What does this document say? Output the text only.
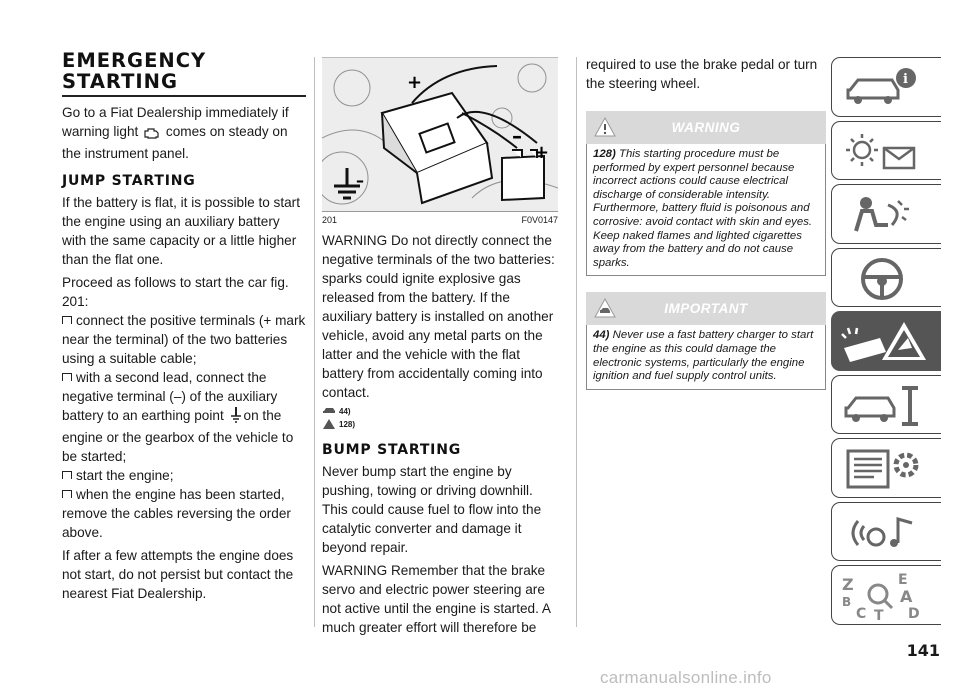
EMERGENCY STARTING

Go to a Fiat Dealership immediately if warning light comes on steady on the instrument panel.

JUMP STARTING

If the battery is flat, it is possible to start the engine using an auxiliary battery with the same capacity or a little higher than the flat one.

Proceed as follows to start the car fig. 201:

connect the positive terminals (+ mark near the terminal) of the two batteries using a suitable cable;

with a second lead, connect the negative terminal (–) of the auxiliary battery to an earthing point on the engine or the gearbox of the vehicle to be started;

start the engine;

when the engine has been started, remove the cables reversing the order above.

If after a few attempts the engine does not start, do not persist but contact the nearest Fiat Dealership.

+
–
+
–
201	F0V0147

WARNING Do not directly connect the negative terminals of the two batteries: sparks could ignite explosive gas released from the battery. If the auxiliary battery is installed on another vehicle, avoid any metal parts on the latter and the vehicle with the flat battery from accidentally coming into contact.

44)
128)
BUMP STARTING

Never bump start the engine by pushing, towing or driving downhill. This could cause fuel to flow into the catalytic converter and damage it beyond repair.

WARNING Remember that the brake servo and electric power steering are not active until the engine is started. A much greater effort will therefore be

required to use the brake pedal or turn the steering wheel.

WARNING
128) This starting procedure must be performed by expert personnel because incorrect actions could cause electrical discharge of considerable intensity. Furthermore, battery fluid is poisonous and corrosive: avoid contact with skin and eyes. Keep naked flames and lighted cigarettes away from the battery and do not cause sparks.
IMPORTANT
44) Never use a fast battery charger to start the engine as this could damage the electronic systems, particularly the engine ignition and fuel supply control units.
i
Z	E
A
B
C T D
141
carmanualsonline.info
